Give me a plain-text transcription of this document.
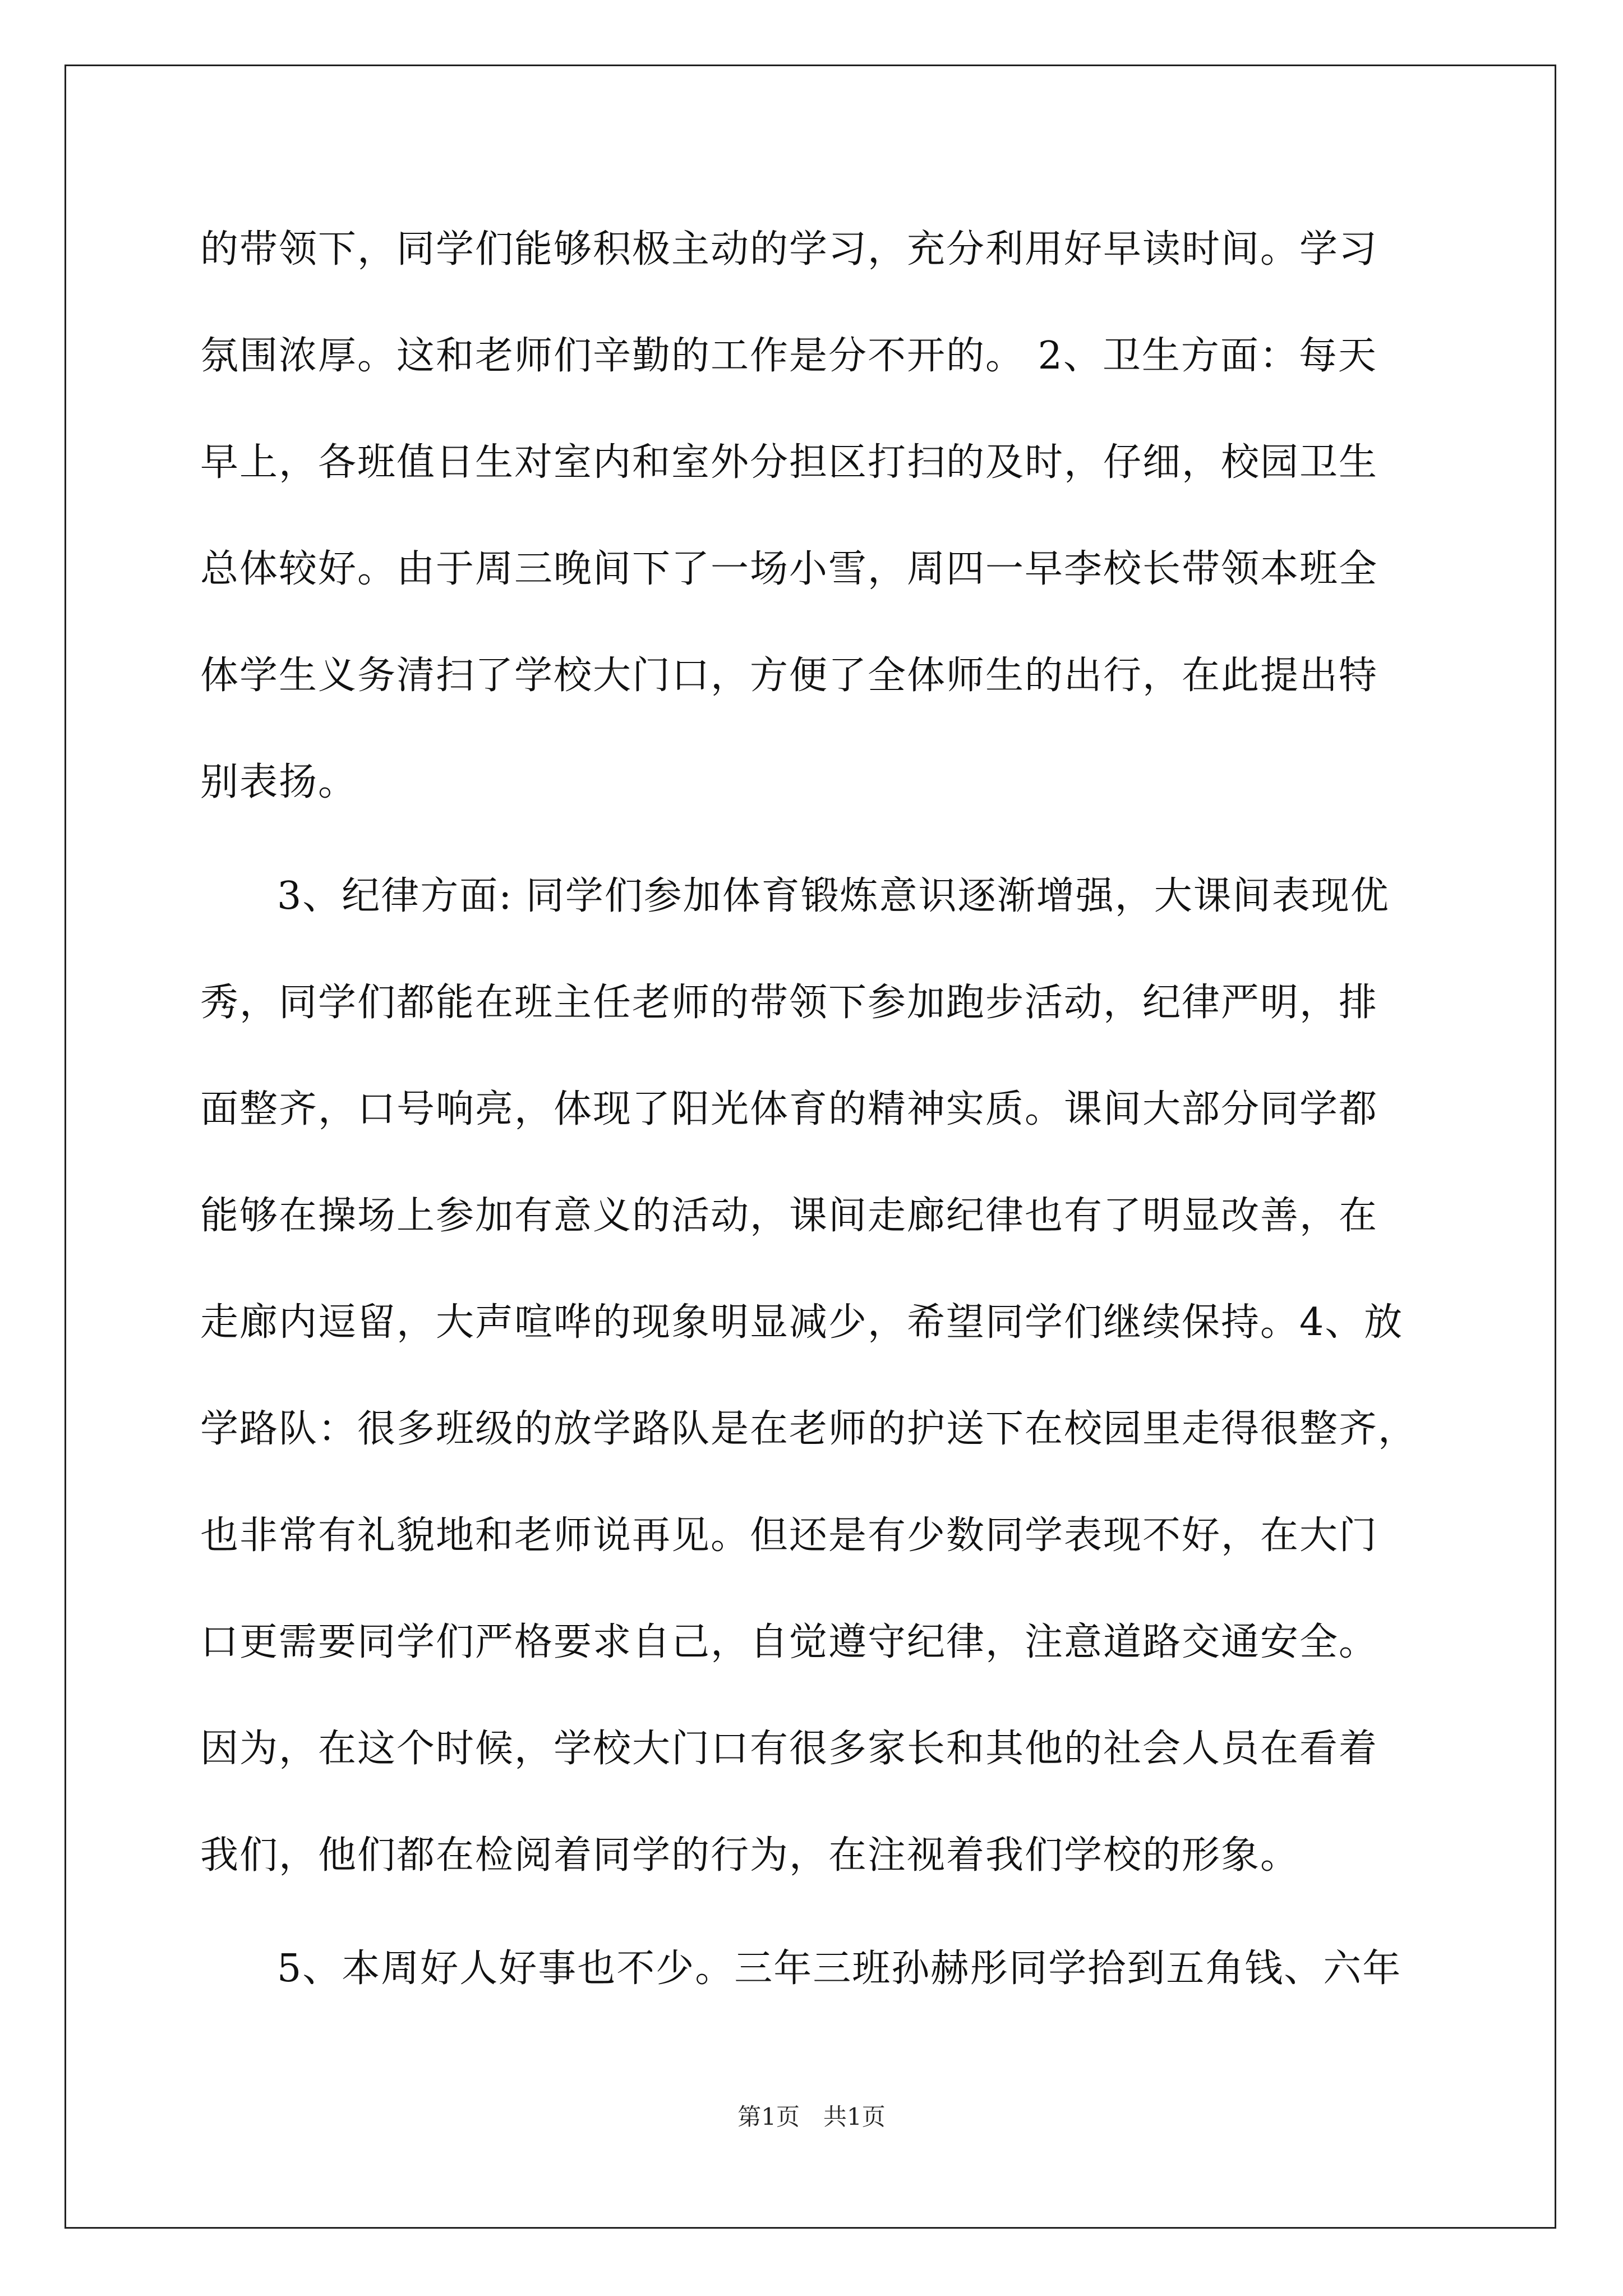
的带领下，同学们能够积极主动的学习，充分利用好早读时间。学习
氛围浓厚。这和老师们辛勤的工作是分不开的。 2、卫生方面：每天
早上，各班值日生对室内和室外分担区打扫的及时，仔细，校园卫生
总体较好。由于周三晚间下了一场小雪，周四一早李校长带领本班全
体学生义务清扫了学校大门口，方便了全体师生的出行，在此提出特
别表扬。
3、纪律方面: 同学们参加体育锻炼意识逐渐增强，大课间表现优
秀，同学们都能在班主任老师的带领下参加跑步活动，纪律严明，排
面整齐，口号响亮，体现了阳光体育的精神实质。课间大部分同学都
能够在操场上参加有意义的活动，课间走廊纪律也有了明显改善，在
走廊内逗留，大声喧哗的现象明显减少，希望同学们继续保持。4、放
学路队：很多班级的放学路队是在老师的护送下在校园里走得很整齐，
也非常有礼貌地和老师说再见。但还是有少数同学表现不好，在大门
口更需要同学们严格要求自己，自觉遵守纪律，注意道路交通安全。
因为，在这个时候，学校大门口有很多家长和其他的社会人员在看着
我们，他们都在检阅着同学的行为，在注视着我们学校的形象。
5、本周好人好事也不少。三年三班孙赫彤同学拾到五角钱、六年
第1页　共1页
